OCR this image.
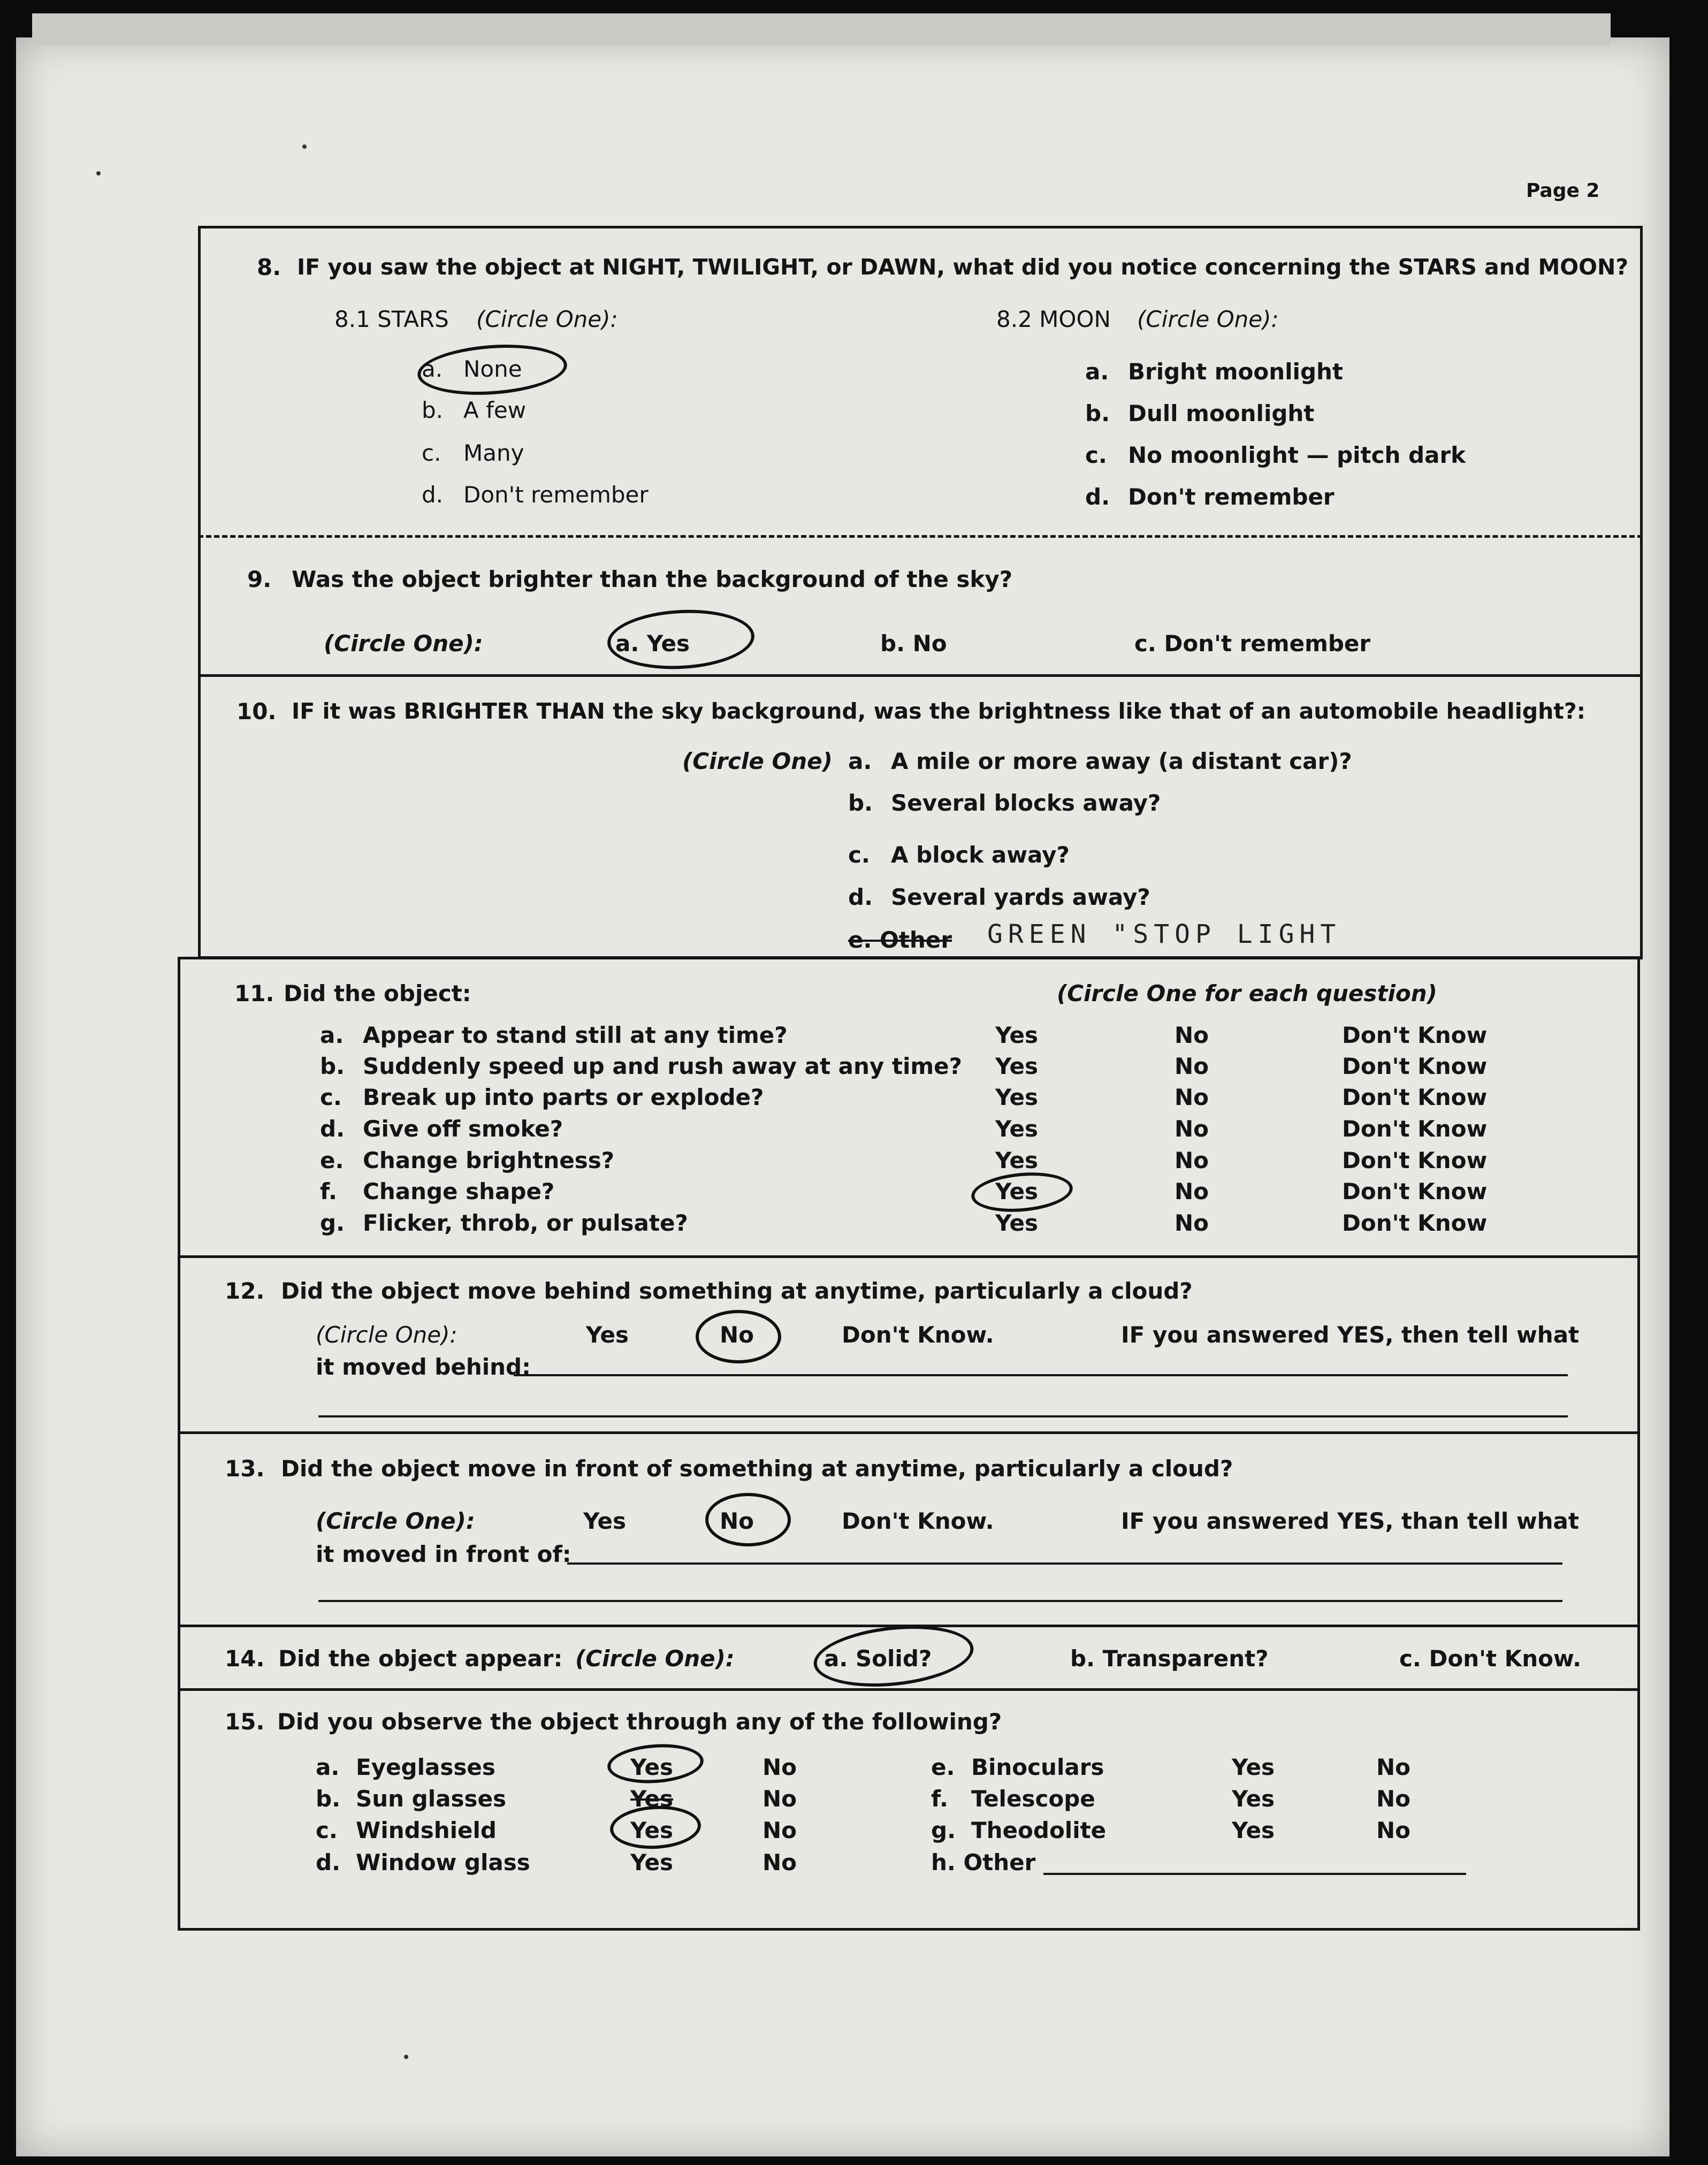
Page 2
8. IF you saw the object at NIGHT, TWILIGHT, or DAWN, what did you notice concerning the STARS and MOON?
8.1 STARS (Circle One):
a. None
b. A few
c. Many
d. Don't remember
8.2 MOON (Circle One):
a. Bright moonlight
b. Dull moonlight
c. No moonlight — pitch dark
d. Don't remember
9. Was the object brighter than the background of the sky?
(Circle One):	a. Yes	b. No	c. Don't remember
10. IF it was BRIGHTER THAN the sky background, was the brightness like that of an automobile headlight?:
(Circle One) a. A mile or more away (a distant car)?
b. Several blocks away?
c. A block away?
d. Several yards away?
e. Other GREEN "STOP LIGHT
11. Did the object:	(Circle One for each question)
a. Appear to stand still at any time?	Yes	No	Don't Know
b. Suddenly speed up and rush away at any time? Yes	No	Don't Know
c. Break up into parts or explode?	Yes	No	Don't Know
d. Give off smoke?	Yes	No	Don't Know
e. Change brightness?	Yes	No	Don't Know
f. Change shape?	Yes	No	Don't Know
g. Flicker, throb, or pulsate?	Yes	No	Don't Know
12. Did the object move behind something at anytime, particularly a cloud?
(Circle One):	Yes	No	Don't Know.	IF you answered YES, then tell what
it moved behind:
13. Did the object move in front of something at anytime, particularly a cloud?
(Circle One):	Yes	No	Don't Know.	IF you answered YES, than tell what
it moved in front of:
14. Did the object appear: (Circle One):	a. Solid?	b. Transparent?	c. Don't Know.
15. Did you observe the object through any of the following?
a. Eyeglasses	Yes	No
b. Sun glasses	Yes	No
c. Windshield	Yes	No
d. Window glass	Yes	No
e. Binoculars	Yes	No
f. Telescope	Yes	No
g. Theodolite	Yes	No
h. Other
